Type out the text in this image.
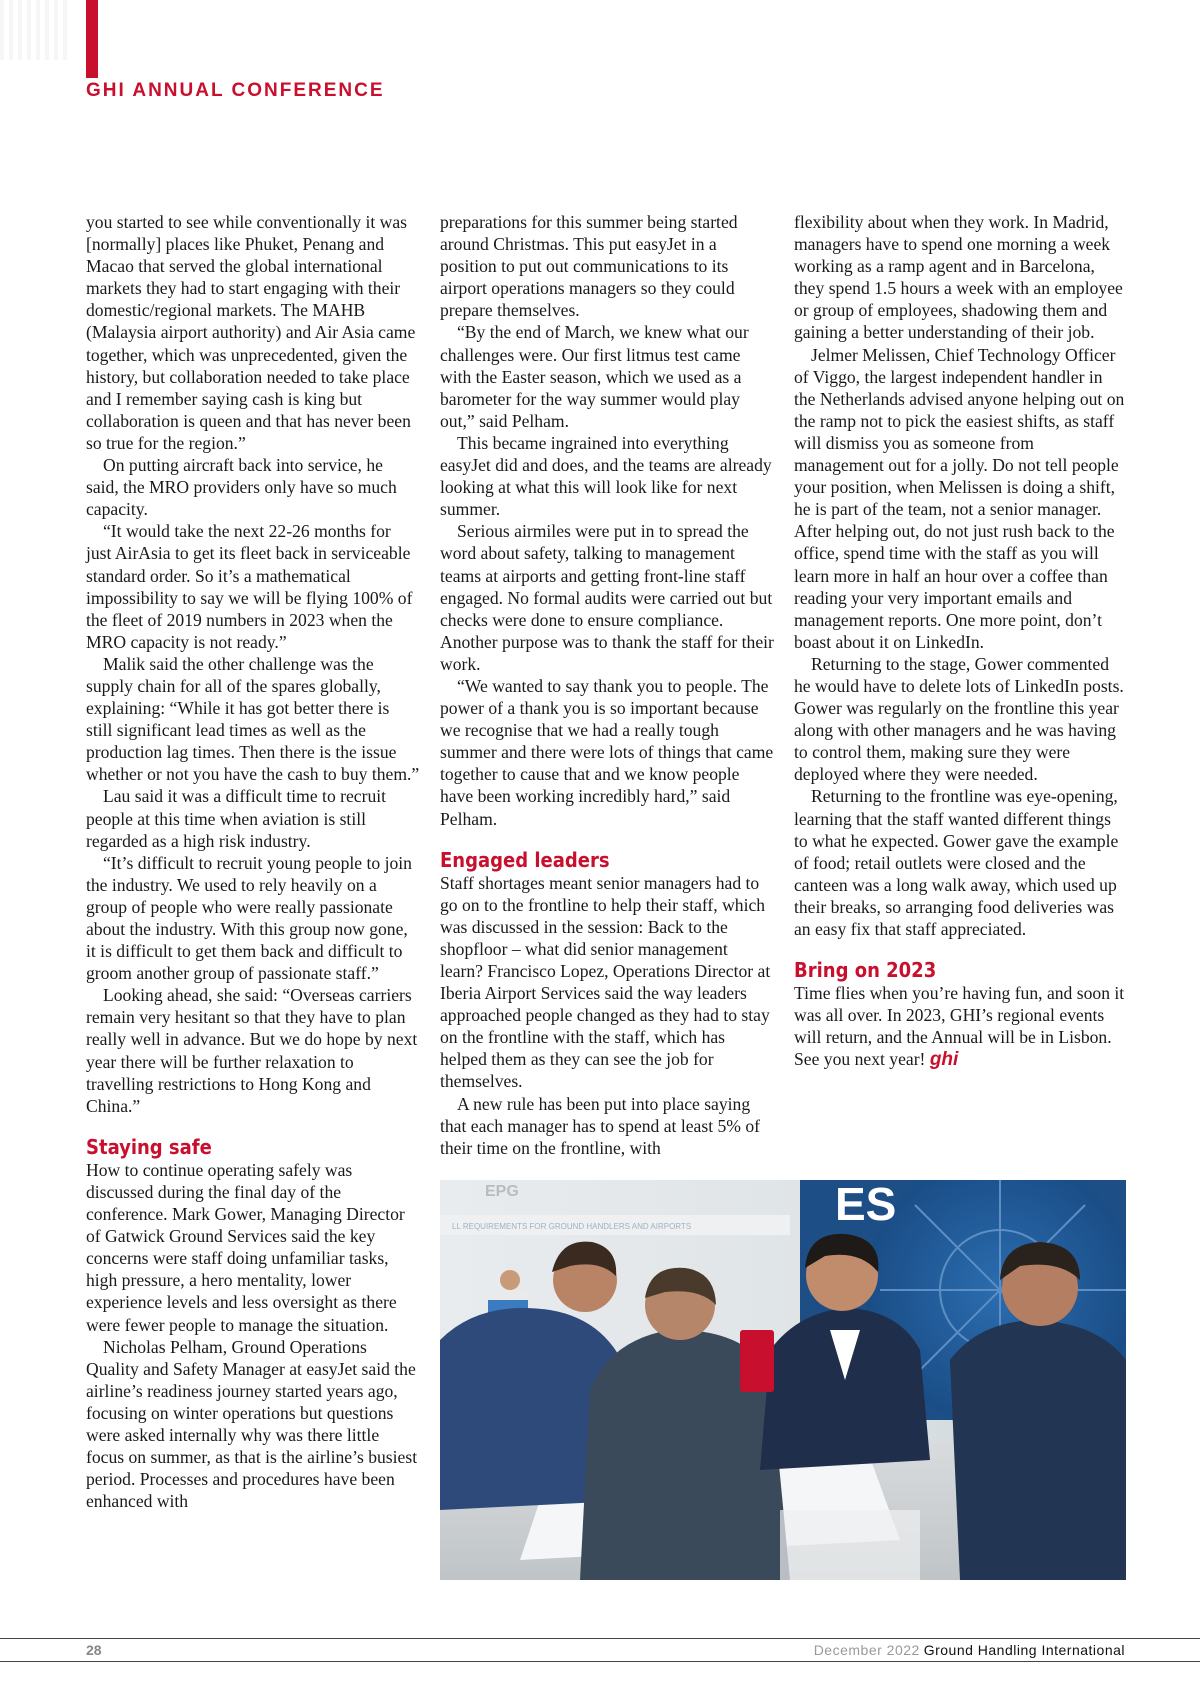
GHI ANNUAL CONFERENCE

you started to see while conventionally it was [normally] places like Phuket, Penang and Macao that served the global international markets they had to start engaging with their domestic/regional markets. The MAHB (Malaysia airport authority) and Air Asia came together, which was unprecedented, given the history, but collaboration needed to take place and I remember saying cash is king but collaboration is queen and that has never been so true for the region.”

On putting aircraft back into service, he said, the MRO providers only have so much capacity.

“It would take the next 22-26 months for just AirAsia to get its fleet back in serviceable standard order. So it’s a mathematical impossibility to say we will be flying 100% of the fleet of 2019 numbers in 2023 when the MRO capacity is not ready.”

Malik said the other challenge was the supply chain for all of the spares globally, explaining: “While it has got better there is still significant lead times as well as the production lag times. Then there is the issue whether or not you have the cash to buy them.”

Lau said it was a difficult time to recruit people at this time when aviation is still regarded as a high risk industry.

“It’s difficult to recruit young people to join the industry. We used to rely heavily on a group of people who were really passionate about the industry. With this group now gone, it is difficult to get them back and difficult to groom another group of passionate staff.”

Looking ahead, she said: “Overseas carriers remain very hesitant so that they have to plan really well in advance. But we do hope by next year there will be further relaxation to travelling restrictions to Hong Kong and China.”

Staying safe

How to continue operating safely was discussed during the final day of the conference. Mark Gower, Managing Director of Gatwick Ground Services said the key concerns were staff doing unfamiliar tasks, high pressure, a hero mentality, lower experience levels and less oversight as there were fewer people to manage the situation.

Nicholas Pelham, Ground Operations Quality and Safety Manager at easyJet said the airline’s readiness journey started years ago, focusing on winter operations but questions were asked internally why was there little focus on summer, as that is the airline’s busiest period. Processes and procedures have been enhanced with

preparations for this summer being started around Christmas. This put easyJet in a position to put out communications to its airport operations managers so they could prepare themselves.

“By the end of March, we knew what our challenges were. Our first litmus test came with the Easter season, which we used as a barometer for the way summer would play out,” said Pelham.

This became ingrained into everything easyJet did and does, and the teams are already looking at what this will look like for next summer.

Serious airmiles were put in to spread the word about safety, talking to management teams at airports and getting front-line staff engaged. No formal audits were carried out but checks were done to ensure compliance. Another purpose was to thank the staff for their work.

“We wanted to say thank you to people. The power of a thank you is so important because we recognise that we had a really tough summer and there were lots of things that came together to cause that and we know people have been working incredibly hard,” said Pelham.

Engaged leaders

Staff shortages meant senior managers had to go on to the frontline to help their staff, which was discussed in the session: Back to the shopfloor – what did senior management learn? Francisco Lopez, Operations Director at Iberia Airport Services said the way leaders approached people changed as they had to stay on the frontline with the staff, which has helped them as they can see the job for themselves.

A new rule has been put into place saying that each manager has to spend at least 5% of their time on the frontline, with

flexibility about when they work. In Madrid, managers have to spend one morning a week working as a ramp agent and in Barcelona, they spend 1.5 hours a week with an employee or group of employees, shadowing them and gaining a better understanding of their job.

Jelmer Melissen, Chief Technology Officer of Viggo, the largest independent handler in the Netherlands advised anyone helping out on the ramp not to pick the easiest shifts, as staff will dismiss you as someone from management out for a jolly. Do not tell people your position, when Melissen is doing a shift, he is part of the team, not a senior manager. After helping out, do not just rush back to the office, spend time with the staff as you will learn more in half an hour over a coffee than reading your very important emails and management reports. One more point, don’t boast about it on LinkedIn.

Returning to the stage, Gower commented he would have to delete lots of LinkedIn posts. Gower was regularly on the frontline this year along with other managers and he was having to control them, making sure they were deployed where they were needed.

Returning to the frontline was eye-opening, learning that the staff wanted different things to what he expected. Gower gave the example of food; retail outlets were closed and the canteen was a long walk away, which used up their breaks, so arranging food deliveries was an easy fix that staff appreciated.

Bring on 2023

Time flies when you’re having fun, and soon it was all over. In 2023, GHI’s regional events will return, and the Annual will be in Lisbon. See you next year! ghi

LL REQUIREMENTS FOR GROUND HANDLERS AND AIRPORTS
EPG	ES
28	December 2022 Ground Handling International
